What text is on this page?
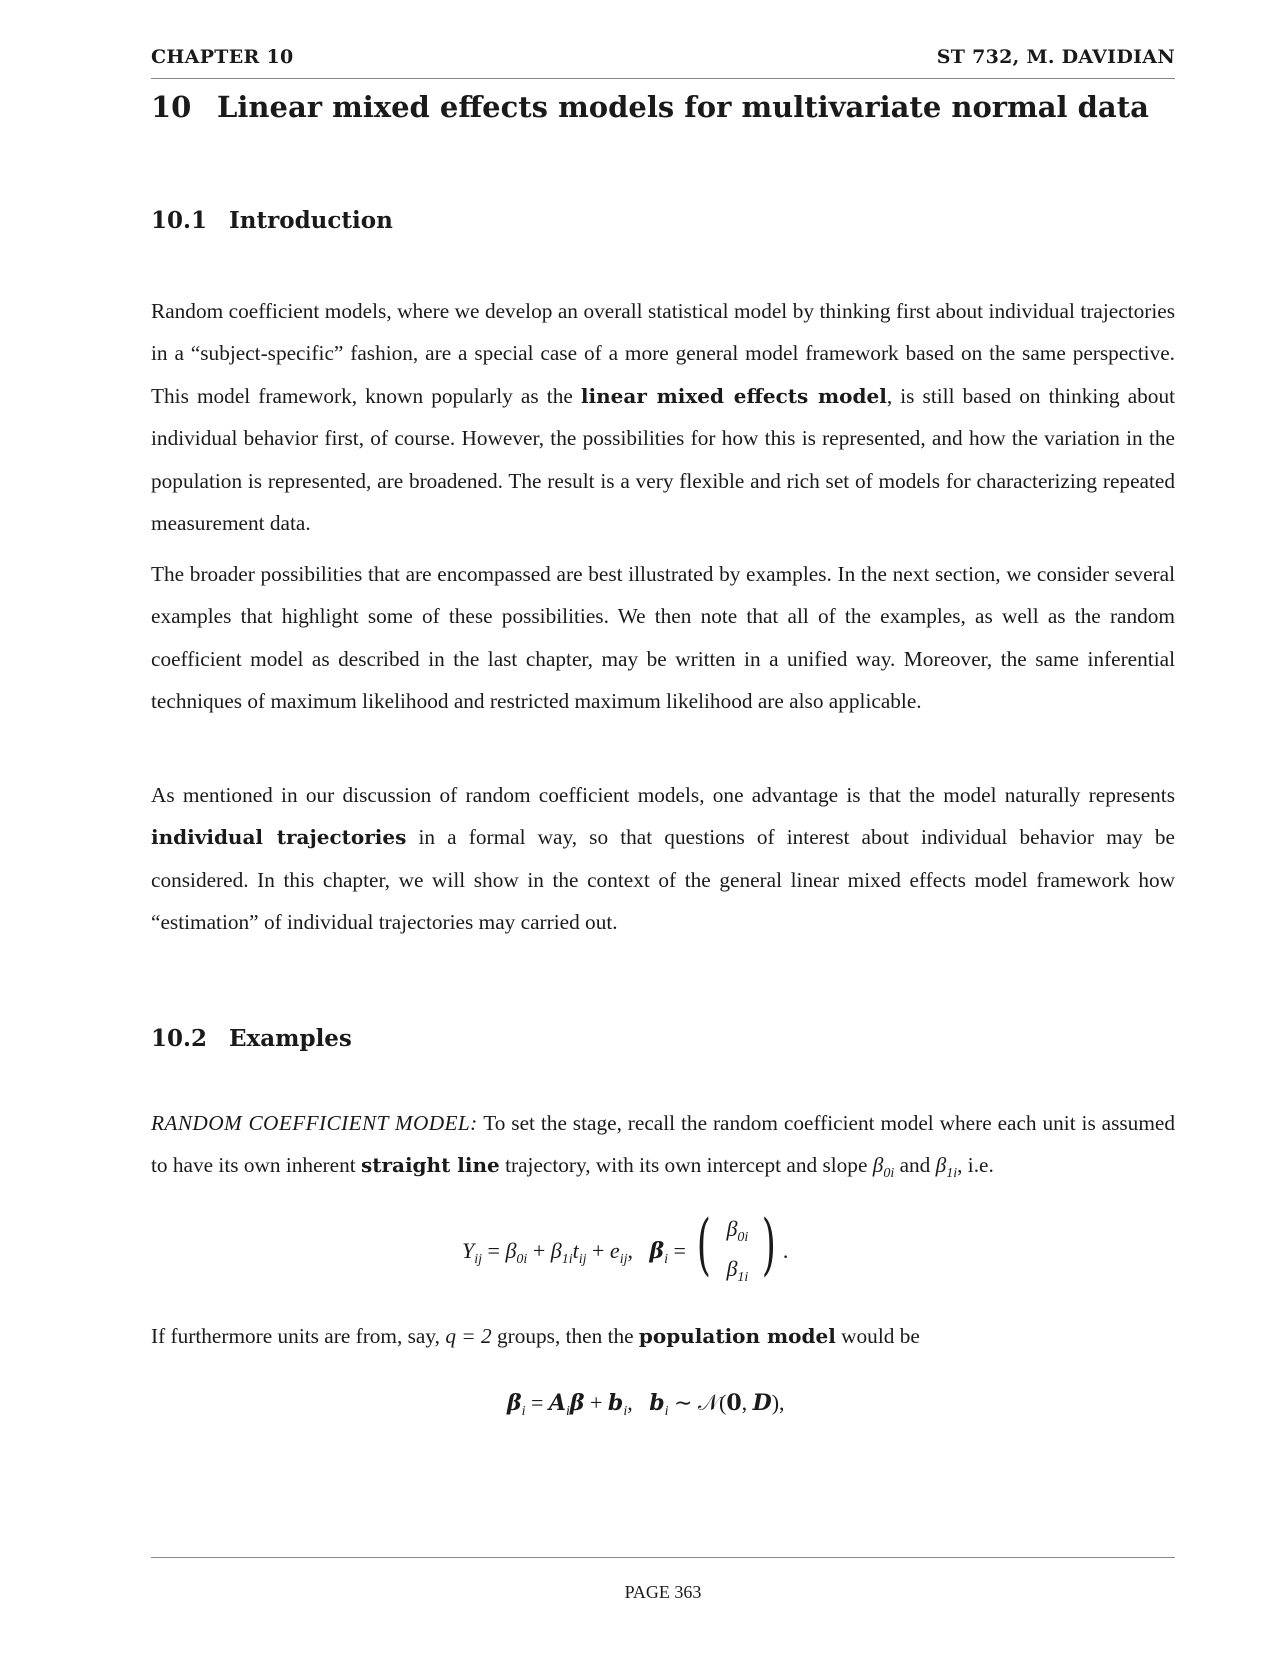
CHAPTER 10	ST 732, M. DAVIDIAN
10 Linear mixed effects models for multivariate normal data
10.1 Introduction
Random coefficient models, where we develop an overall statistical model by thinking first about individual trajectories in a “subject-specific” fashion, are a special case of a more general model framework based on the same perspective. This model framework, known popularly as the linear mixed effects model, is still based on thinking about individual behavior first, of course. However, the possibilities for how this is represented, and how the variation in the population is represented, are broadened. The result is a very flexible and rich set of models for characterizing repeated measurement data.
The broader possibilities that are encompassed are best illustrated by examples. In the next section, we consider several examples that highlight some of these possibilities. We then note that all of the examples, as well as the random coefficient model as described in the last chapter, may be written in a unified way. Moreover, the same inferential techniques of maximum likelihood and restricted maximum likelihood are also applicable.
As mentioned in our discussion of random coefficient models, one advantage is that the model naturally represents individual trajectories in a formal way, so that questions of interest about individual behavior may be considered. In this chapter, we will show in the context of the general linear mixed effects model framework how “estimation” of individual trajectories may carried out.
10.2 Examples
RANDOM COEFFICIENT MODEL: To set the stage, recall the random coefficient model where each unit is assumed to have its own inherent straight line trajectory, with its own intercept and slope $\beta_{0i}$ and $\beta_{1i}$, i.e.
$Y_{ij} = \beta_{0i} + \beta_{1i}t_{ij} + e_{ij}$,   $\beta_i$ = ( $\beta_{0i}$
$\beta_{1i}$ ) .
If furthermore units are from, say, q = 2 groups, then the population model would be
$\beta_i = A_i\beta + b_i$,   $b_i$ ∼ 𝒩(0, D),
PAGE 363
